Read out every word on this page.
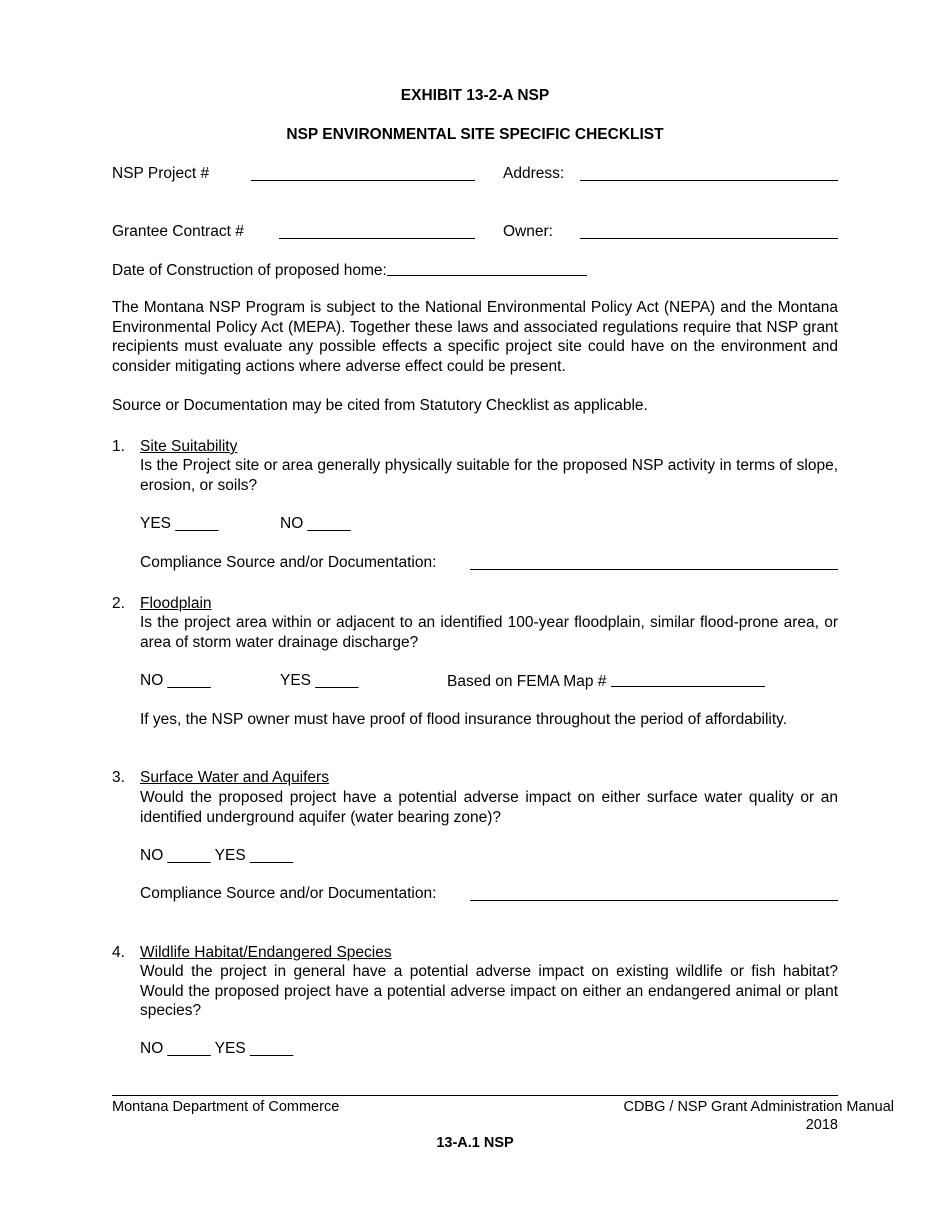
EXHIBIT 13-2-A NSP
NSP ENVIRONMENTAL SITE SPECIFIC CHECKLIST
NSP Project #	Address:
Grantee Contract #	Owner:
Date of Construction of proposed home:
The Montana NSP Program is subject to the National Environmental Policy Act (NEPA) and the Montana Environmental Policy Act (MEPA). Together these laws and associated regulations require that NSP grant recipients must evaluate any possible effects a specific project site could have on the environment and consider mitigating actions where adverse effect could be present.
Source or Documentation may be cited from Statutory Checklist as applicable.
1. Site Suitability
Is the Project site or area generally physically suitable for the proposed NSP activity in terms of slope, erosion, or soils?
YES _____	NO _____
Compliance Source and/or Documentation:
2. Floodplain
Is the project area within or adjacent to an identified 100-year floodplain, similar flood-prone area, or area of storm water drainage discharge?
NO _____	YES _____	Based on FEMA Map #
If yes, the NSP owner must have proof of flood insurance throughout the period of affordability.
3. Surface Water and Aquifers
Would the proposed project have a potential adverse impact on either surface water quality or an identified underground aquifer (water bearing zone)?
NO _____ YES _____
Compliance Source and/or Documentation:
4. Wildlife Habitat/Endangered Species
Would the project in general have a potential adverse impact on existing wildlife or fish habitat? Would the proposed project have a potential adverse impact on either an endangered animal or plant species?
NO _____ YES _____
Montana Department of Commerce	CDBG / NSP Grant Administration Manual
2018
13-A.1 NSP
